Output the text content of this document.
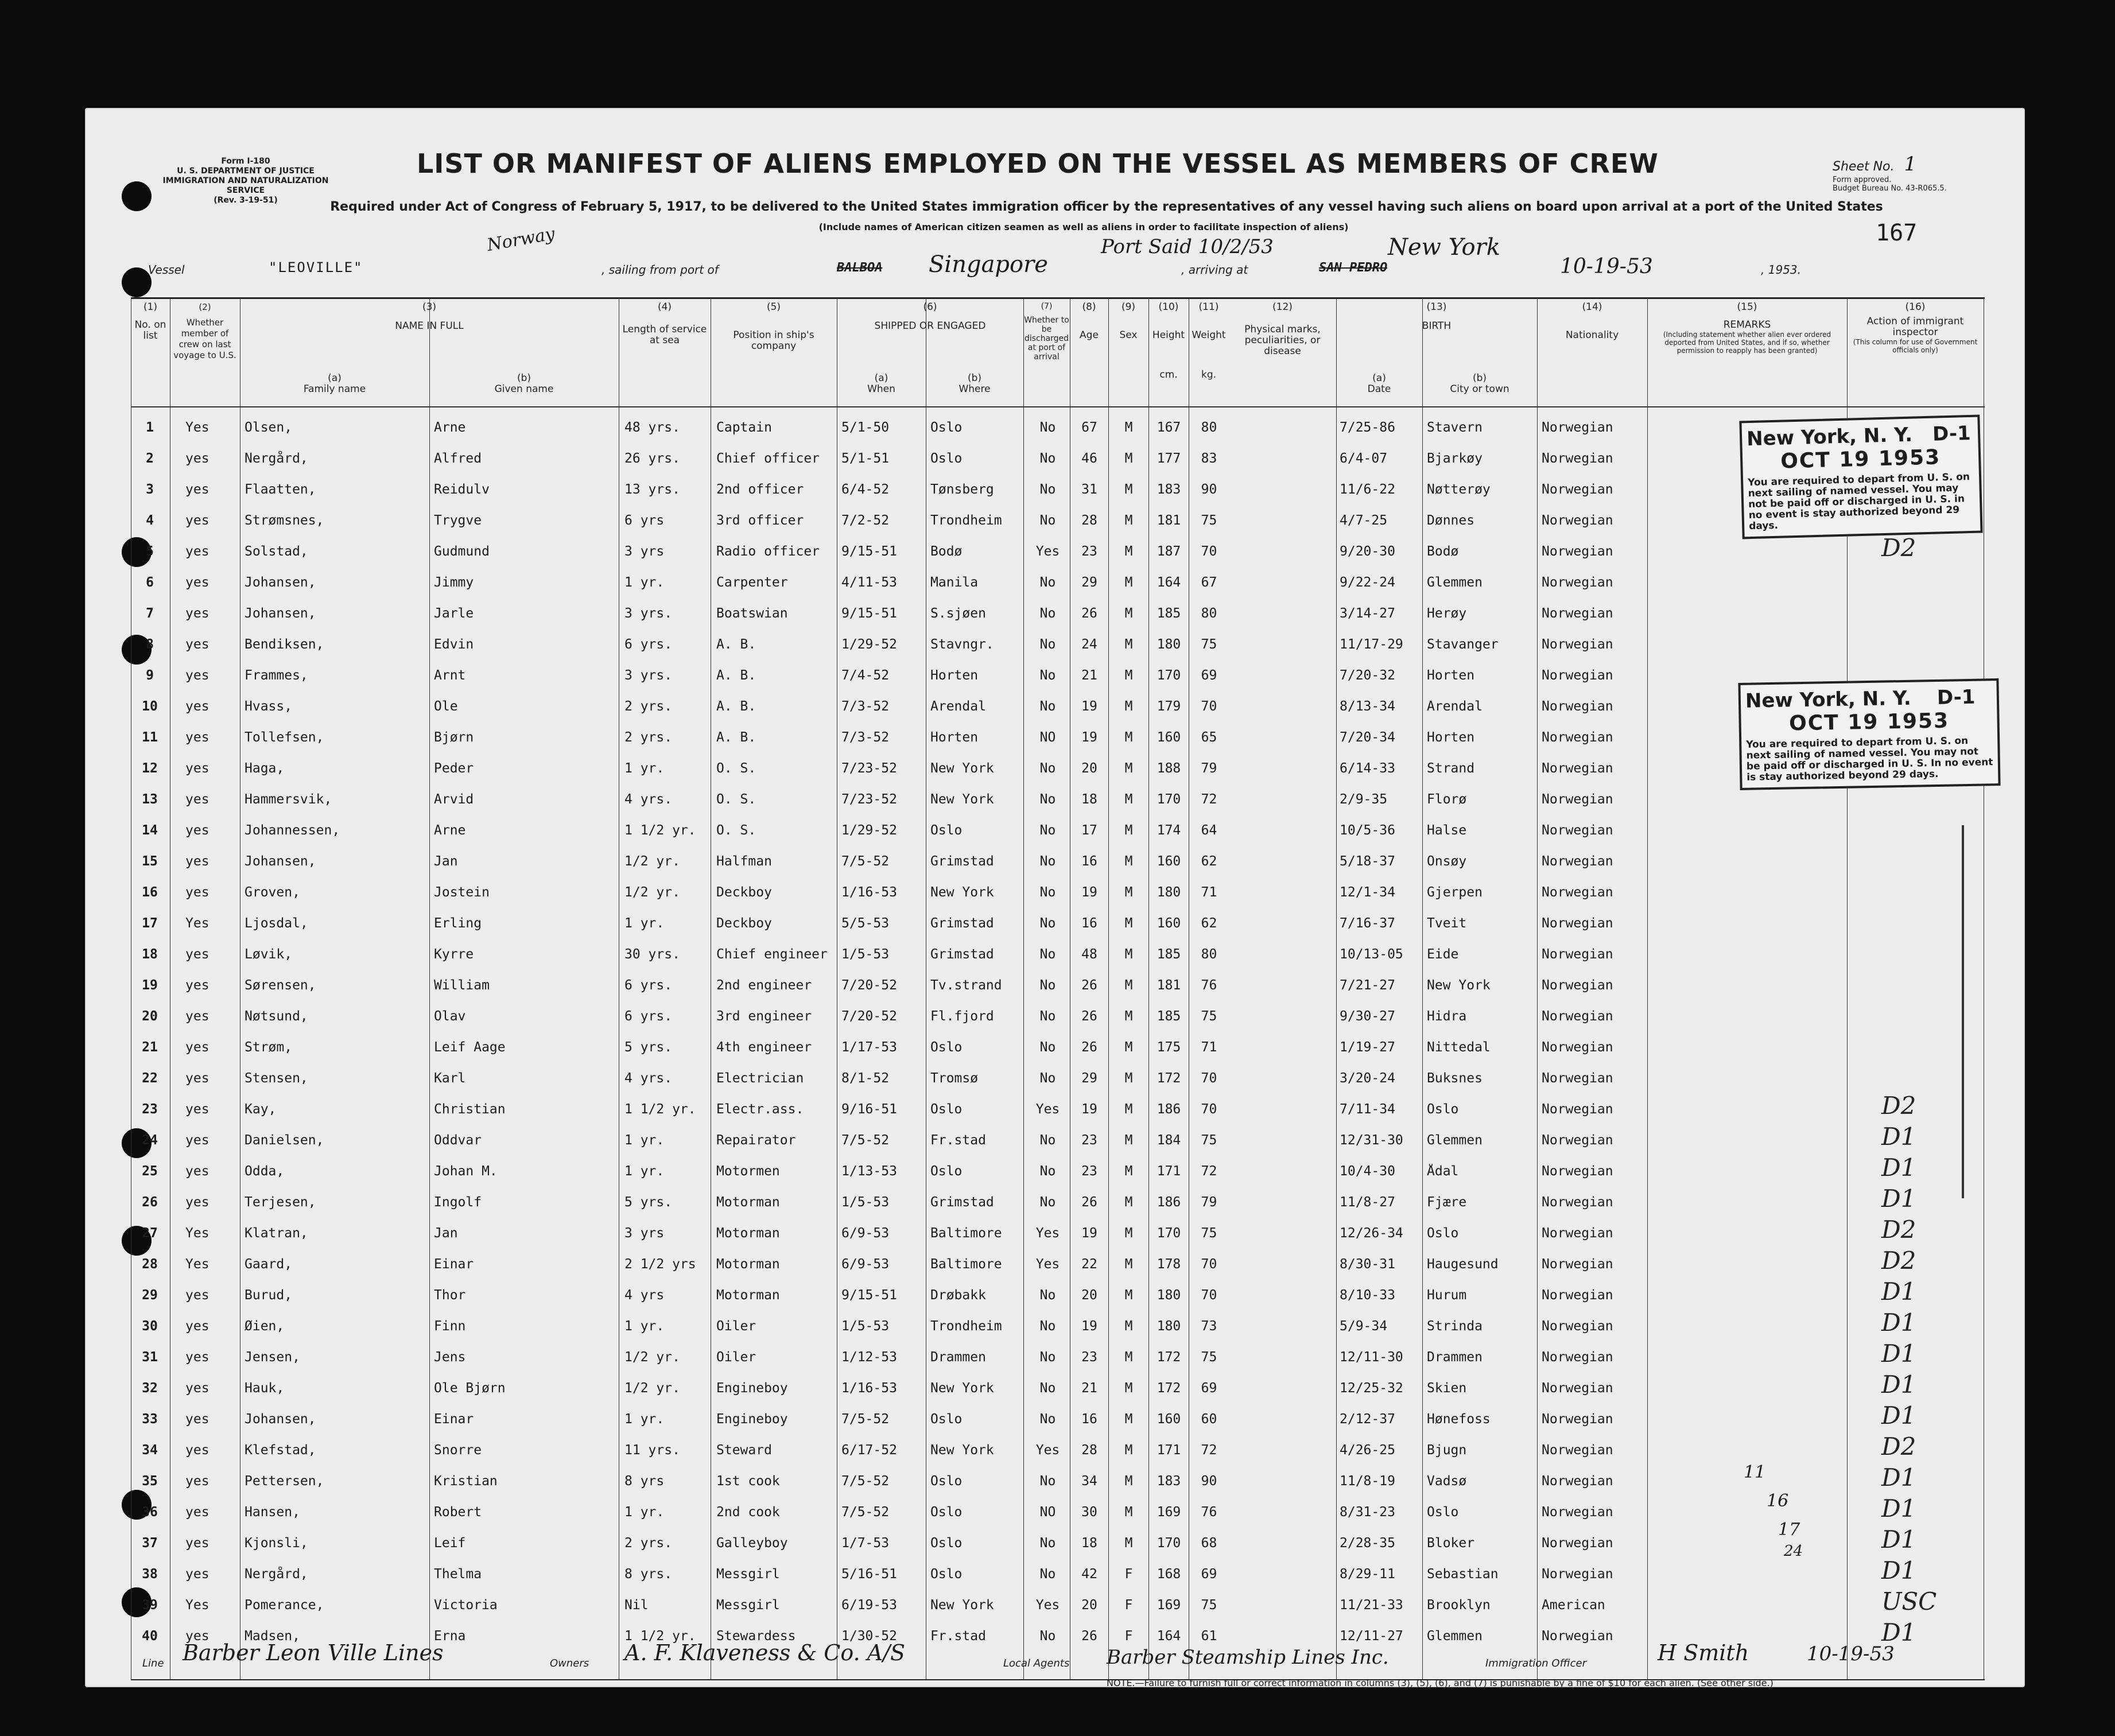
Form I-180
U. S. DEPARTMENT OF JUSTICE
IMMIGRATION AND NATURALIZATION SERVICE
(Rev. 3-19-51)
LIST OR MANIFEST OF ALIENS EMPLOYED ON THE VESSEL AS MEMBERS OF CREW
Required under Act of Congress of February 5, 1917, to be delivered to the United States immigration officer by the representatives of any vessel having such aliens on board upon arrival at a port of the United States
(Include names of American citizen seamen as well as aliens in order to facilitate inspection of aliens)
Sheet No. 1
Form approved.
Budget Bureau No. 43-R065.5.
167
Vessel	"LEOVILLE"
Norway
, sailing from port of	BALBOA Singapore
Port Said 10/2/53
, arriving at	SAN PEDRO
New York
10-19-53	, 1953.
(1)
No. on list
(2)
Whether member of crew on last voyage to U.S.
(3)
NAME IN FULL
(a)
Family name
(b)
Given name
(4)
Length of service at sea
(5)
Position in ship's company
(6)
SHIPPED OR ENGAGED
(a)
When
(b)
Where
(7)
Whether to be discharged at port of arrival
(8)
Age
(9)
Sex
(10)
Height
cm.
(11)
Weight
kg.
(12)
Physical marks, peculiarities, or disease
(13)
BIRTH
(a)
Date
(b)
City or town
(14)
Nationality
(15)
REMARKS
(Including statement whether alien ever ordered deported from United States, and if so, whether permission to reapply has been granted)
(16)
Action of immigrant inspector
(This column for use of Government officials only)
1	Yes	Olsen,	Arne	48 yrs.	Captain	5/1-50	Oslo	No	67	M	167	80	7/25-86	Stavern	Norwegian
2	yes	Nergård,	Alfred	26 yrs.	Chief officer	5/1-51	Oslo	No	46	M	177	83	6/4-07	Bjarkøy	Norwegian
3	yes	Flaatten,	Reidulv	13 yrs.	2nd officer	6/4-52	Tønsberg	No	31	M	183	90	11/6-22	Nøtterøy	Norwegian
4	yes	Strømsnes,	Trygve	6 yrs	3rd officer	7/2-52	Trondheim	No	28	M	181	75	4/7-25	Dønnes	Norwegian
5	yes	Solstad,	Gudmund	3 yrs	Radio officer	9/15-51	Bodø	Yes	23	M	187	70	9/20-30	Bodø	Norwegian	D2
6	yes	Johansen,	Jimmy	1 yr.	Carpenter	4/11-53	Manila	No	29	M	164	67	9/22-24	Glemmen	Norwegian
7	yes	Johansen,	Jarle	3 yrs.	Boatswian	9/15-51	S.sjøen	No	26	M	185	80	3/14-27	Herøy	Norwegian
8	yes	Bendiksen,	Edvin	6 yrs.	A. B.	1/29-52	Stavngr.	No	24	M	180	75	11/17-29	Stavanger	Norwegian
9	yes	Frammes,	Arnt	3 yrs.	A. B.	7/4-52	Horten	No	21	M	170	69	7/20-32	Horten	Norwegian
10	yes	Hvass,	Ole	2 yrs.	A. B.	7/3-52	Arendal	No	19	M	179	70	8/13-34	Arendal	Norwegian
11	yes	Tollefsen,	Bjørn	2 yrs.	A. B.	7/3-52	Horten	NO	19	M	160	65	7/20-34	Horten	Norwegian
12	yes	Haga,	Peder	1 yr.	O. S.	7/23-52	New York	No	20	M	188	79	6/14-33	Strand	Norwegian
13	yes	Hammersvik,	Arvid	4 yrs.	O. S.	7/23-52	New York	No	18	M	170	72	2/9-35	Florø	Norwegian
14	yes	Johannessen,	Arne	1 1/2 yr.	O. S.	1/29-52	Oslo	No	17	M	174	64	10/5-36	Halse	Norwegian
15	yes	Johansen,	Jan	1/2 yr.	Halfman	7/5-52	Grimstad	No	16	M	160	62	5/18-37	Onsøy	Norwegian
16	yes	Groven,	Jostein	1/2 yr.	Deckboy	1/16-53	New York	No	19	M	180	71	12/1-34	Gjerpen	Norwegian
17	Yes	Ljosdal,	Erling	1 yr.	Deckboy	5/5-53	Grimstad	No	16	M	160	62	7/16-37	Tveit	Norwegian
18	yes	Løvik,	Kyrre	30 yrs.	Chief engineer	1/5-53	Grimstad	No	48	M	185	80	10/13-05	Eide	Norwegian
19	yes	Sørensen,	William	6 yrs.	2nd engineer	7/20-52	Tv.strand	No	26	M	181	76	7/21-27	New York	Norwegian
20	yes	Nøtsund,	Olav	6 yrs.	3rd engineer	7/20-52	Fl.fjord	No	26	M	185	75	9/30-27	Hidra	Norwegian
21	yes	Strøm,	Leif Aage	5 yrs.	4th engineer	1/17-53	Oslo	No	26	M	175	71	1/19-27	Nittedal	Norwegian
22	yes	Stensen,	Karl	4 yrs.	Electrician	8/1-52	Tromsø	No	29	M	172	70	3/20-24	Buksnes	Norwegian
23	yes	Kay,	Christian	1 1/2 yr.	Electr.ass.	9/16-51	Oslo	Yes	19	M	186	70	7/11-34	Oslo	Norwegian	D2
24	yes	Danielsen,	Oddvar	1 yr.	Repairator	7/5-52	Fr.stad	No	23	M	184	75	12/31-30	Glemmen	Norwegian	D1
25	yes	Odda,	Johan M.	1 yr.	Motormen	1/13-53	Oslo	No	23	M	171	72	10/4-30	Ådal	Norwegian	D1
26	yes	Terjesen,	Ingolf	5 yrs.	Motorman	1/5-53	Grimstad	No	26	M	186	79	11/8-27	Fjære	Norwegian	D1
27	Yes	Klatran,	Jan	3 yrs	Motorman	6/9-53	Baltimore	Yes	19	M	170	75	12/26-34	Oslo	Norwegian	D2
28	Yes	Gaard,	Einar	2 1/2 yrs	Motorman	6/9-53	Baltimore	Yes	22	M	178	70	8/30-31	Haugesund	Norwegian	D2
29	yes	Burud,	Thor	4 yrs	Motorman	9/15-51	Drøbakk	No	20	M	180	70	8/10-33	Hurum	Norwegian	D1
30	yes	Øien,	Finn	1 yr.	Oiler	1/5-53	Trondheim	No	19	M	180	73	5/9-34	Strinda	Norwegian	D1
31	yes	Jensen,	Jens	1/2 yr.	Oiler	1/12-53	Drammen	No	23	M	172	75	12/11-30	Drammen	Norwegian	D1
32	yes	Hauk,	Ole Bjørn	1/2 yr.	Engineboy	1/16-53	New York	No	21	M	172	69	12/25-32	Skien	Norwegian	D1
33	yes	Johansen,	Einar	1 yr.	Engineboy	7/5-52	Oslo	No	16	M	160	60	2/12-37	Hønefoss	Norwegian	D1
34	yes	Klefstad,	Snorre	11 yrs.	Steward	6/17-52	New York	Yes	28	M	171	72	4/26-25	Bjugn	Norwegian	D2
35	yes	Pettersen,	Kristian	8 yrs	1st cook	7/5-52	Oslo	No	34	M	183	90	11/8-19	Vadsø	Norwegian	D1
36	yes	Hansen,	Robert	1 yr.	2nd cook	7/5-52	Oslo	NO	30	M	169	76	8/31-23	Oslo	Norwegian	D1
37	yes	Kjonsli,	Leif	2 yrs.	Galleyboy	1/7-53	Oslo	No	18	M	170	68	2/28-35	Bloker	Norwegian	D1
38	yes	Nergård,	Thelma	8 yrs.	Messgirl	5/16-51	Oslo	No	42	F	168	69	8/29-11	Sebastian	Norwegian	D1
39	Yes	Pomerance,	Victoria	Nil	Messgirl	6/19-53	New York	Yes	20	F	169	75	11/21-33	Brooklyn	American	USC
40	yes	Madsen,	Erna	1 1/2 yr.	Stewardess	1/30-52	Fr.stad	No	26	F	164	61	12/11-27	Glemmen	Norwegian	D1
New York, N. Y. D-1
OCT 19 1953
You are required to depart from U. S. on next sailing of named vessel. You may not be paid off or discharged in U. S. in no event is stay authorized beyond 29 days.
New York, N. Y. D-1
OCT 19 1953
You are required to depart from U. S. on next sailing of named vessel. You may not be paid off or discharged in U. S. In no event is stay authorized beyond 29 days.
11
16
17
24
Line Barber Leon Ville Lines	Owners A. F. Klaveness & Co. A/S	Local Agents Barber Steamship Lines Inc.	Immigration Officer	H Smith	10-19-53
NOTE.—Failure to furnish full or correct information in columns (3), (5), (6), and (7) is punishable by a fine of $10 for each alien. (See other side.)
